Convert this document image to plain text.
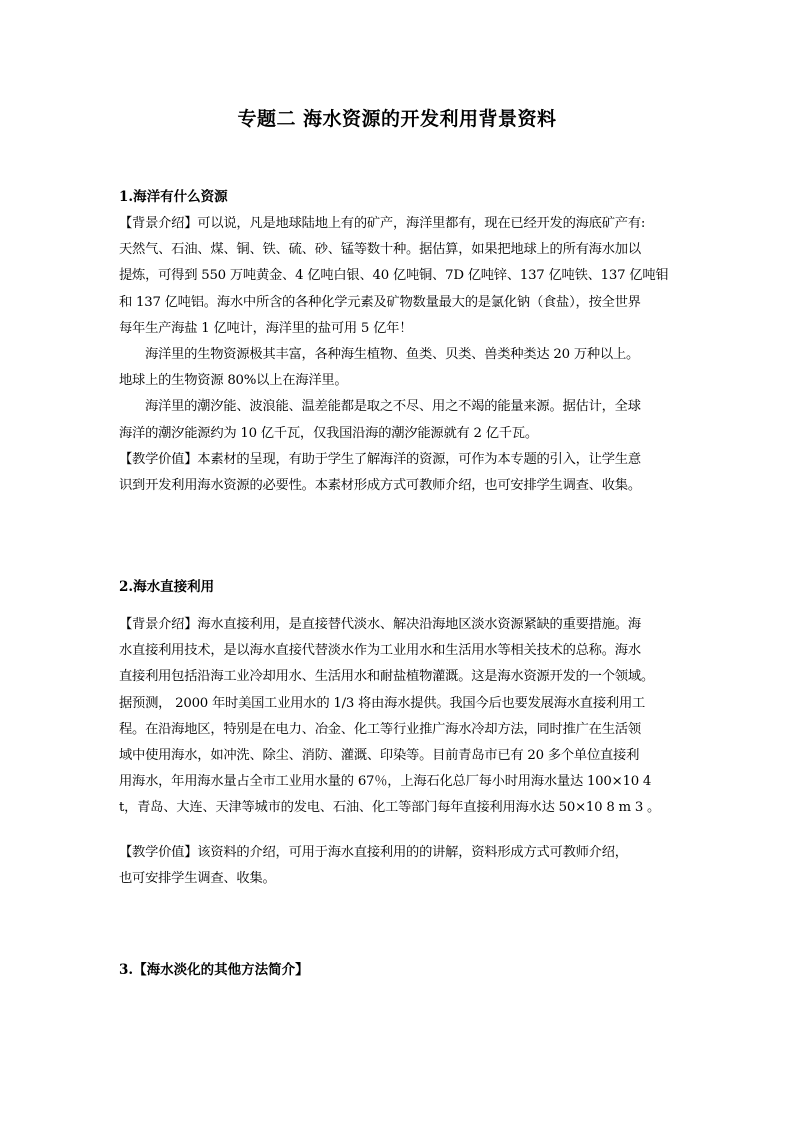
专题二 海水资源的开发利用背景资料
1.海洋有什么资源
【背景介绍】可以说，凡是地球陆地上有的矿产，海洋里都有，现在已经开发的海底矿产有:
天然气、石油、煤、铜、铁、硫、砂、锰等数十种。据估算，如果把地球上的所有海水加以
提炼，可得到 550 万吨黄金、4 亿吨白银、40 亿吨铜、7D 亿吨锌、137 亿吨铁、137 亿吨钼
和 137 亿吨铝。海水中所含的各种化学元素及矿物数量最大的是氯化钠（食盐），按全世界
每年生产海盐 1 亿吨计，海洋里的盐可用 5 亿年！
海洋里的生物资源极其丰富，各种海生植物、鱼类、贝类、兽类种类达 20 万种以上。
地球上的生物资源 80%以上在海洋里。
海洋里的潮汐能、波浪能、温差能都是取之不尽、用之不竭的能量来源。据估计，全球
海洋的潮汐能源约为 10 亿千瓦，仅我国沿海的潮汐能源就有 2 亿千瓦。
【教学价值】本素材的呈现，有助于学生了解海洋的资源，可作为本专题的引入，让学生意
识到开发利用海水资源的必要性。本素材形成方式可教师介绍，也可安排学生调查、收集。
2.海水直接利用
【背景介绍】海水直接利用，是直接替代淡水、解决沿海地区淡水资源紧缺的重要措施。海
水直接利用技术，是以海水直接代替淡水作为工业用水和生活用水等相关技术的总称。海水
直接利用包括沿海工业冷却用水、生活用水和耐盐植物灌溉。这是海水资源开发的一个领域。
据预测， 2000 年时美国工业用水的 1/3 将由海水提供。我国今后也要发展海水直接利用工
程。在沿海地区，特别是在电力、冶金、化工等行业推广海水冷却方法，同时推广在生活领
域中使用海水，如冲洗、除尘、消防、灌溉、印染等。目前青岛市已有 20 多个单位直接利
用海水，年用海水量占全市工业用水量的 67％，上海石化总厂每小时用海水量达 100×10 4
t，青岛、大连、天津等城市的发电、石油、化工等部门每年直接利用海水达 50×10 8 m 3 。
【教学价值】该资料的介绍，可用于海水直接利用的的讲解，资料形成方式可教师介绍，
也可安排学生调查、收集。
3.【海水淡化的其他方法简介】
